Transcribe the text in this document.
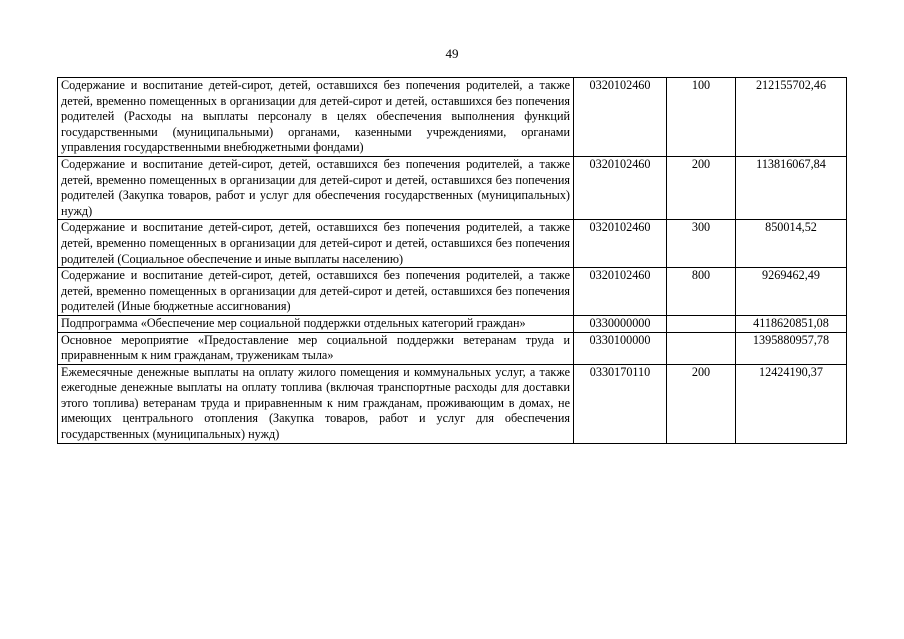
49
Содержание и воспитание детей-сирот, детей, оставшихся без попечения родителей, а также детей, временно помещенных в организации для детей-сирот и детей, оставшихся без попечения родителей (Расходы на выплаты персоналу в целях обеспечения выполнения функций государственными (муниципальными) органами, казенными учреждениями, органами управления государственными внебюджетными фондами)	0320102460	100	212155702,46
Содержание и воспитание детей-сирот, детей, оставшихся без попечения родителей, а также детей, временно помещенных в организации для детей-сирот и детей, оставшихся без попечения родителей (Закупка товаров, работ и услуг для обеспечения государственных (муниципальных) нужд)	0320102460	200	113816067,84
Содержание и воспитание детей-сирот, детей, оставшихся без попечения родителей, а также детей, временно помещенных в организации для детей-сирот и детей, оставшихся без попечения родителей (Социальное обеспечение и иные выплаты населению)	0320102460	300	850014,52
Содержание и воспитание детей-сирот, детей, оставшихся без попечения родителей, а также детей, временно помещенных в организации для детей-сирот и детей, оставшихся без попечения родителей (Иные бюджетные ассигнования)	0320102460	800	9269462,49
Подпрограмма «Обеспечение мер социальной поддержки отдельных категорий граждан»	0330000000		4118620851,08
Основное мероприятие «Предоставление мер социальной поддержки ветеранам труда и приравненным к ним гражданам, труженикам тыла»	0330100000		1395880957,78
Ежемесячные денежные выплаты на оплату жилого помещения и коммунальных услуг, а также ежегодные денежные выплаты на оплату топлива (включая транспортные расходы для доставки этого топлива) ветеранам труда и приравненным к ним гражданам, проживающим в домах, не имеющих центрального отопления (Закупка товаров, работ и услуг для обеспечения государственных (муниципальных) нужд)	0330170110	200	12424190,37
